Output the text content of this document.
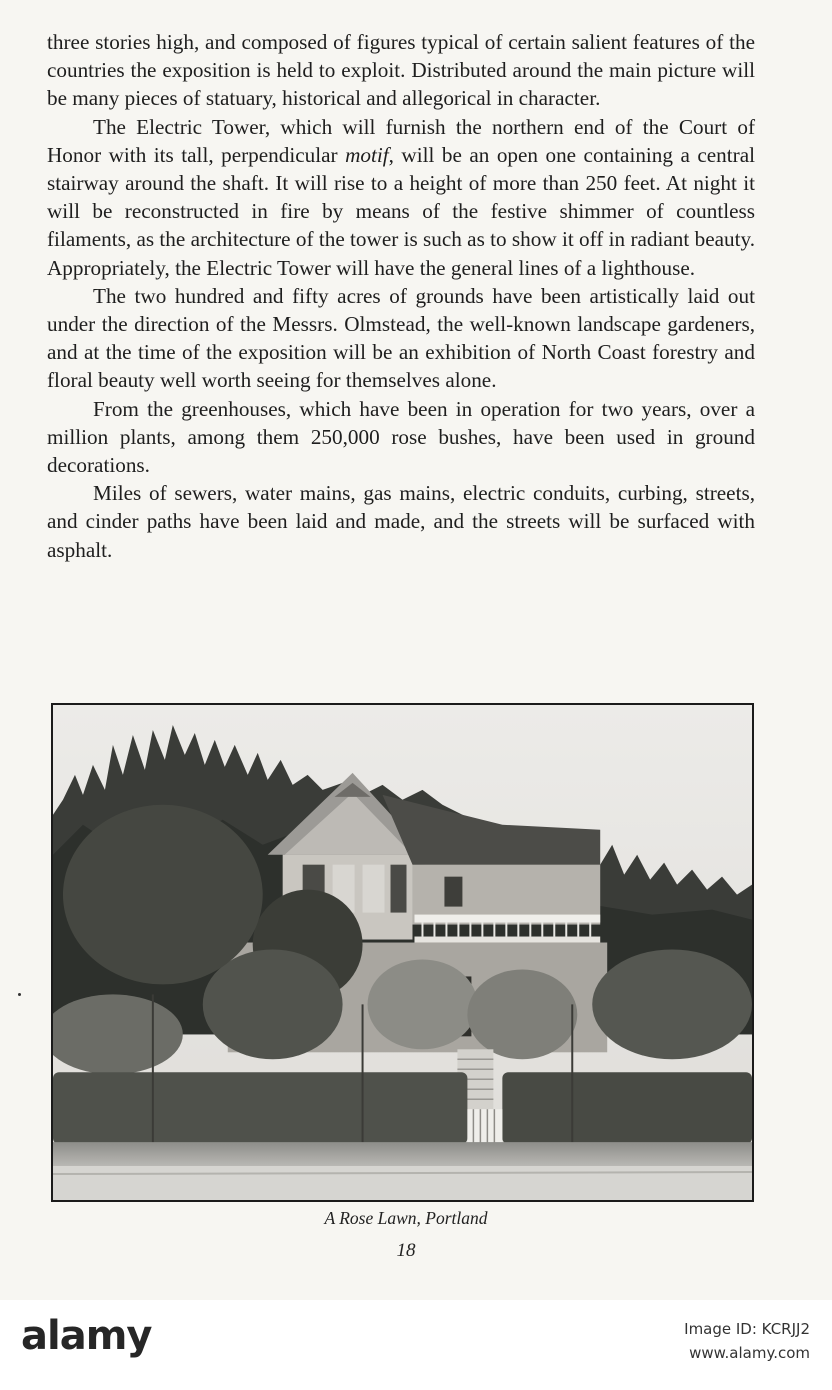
three stories high, and composed of figures typical of certain salient features of the countries the exposition is held to exploit. Distributed around the main picture will be many pieces of statuary, historical and allegorical in character.

The Electric Tower, which will furnish the northern end of the Court of Honor with its tall, perpendicular motif, will be an open one containing a central stairway around the shaft. It will rise to a height of more than 250 feet. At night it will be reconstructed in fire by means of the festive shimmer of countless filaments, as the architecture of the tower is such as to show it off in radiant beauty. Appropriately, the Electric Tower will have the general lines of a lighthouse.

The two hundred and fifty acres of grounds have been artistically laid out under the direction of the Messrs. Olmstead, the well-known landscape gardeners, and at the time of the exposition will be an exhibition of North Coast forestry and floral beauty well worth seeing for themselves alone.

From the greenhouses, which have been in operation for two years, over a million plants, among them 250,000 rose bushes, have been used in ground decorations.

Miles of sewers, water mains, gas mains, electric conduits, curbing, streets, and cinder paths have been laid and made, and the streets will be surfaced with asphalt.

A Rose Lawn, Portland
18
alamy	Image ID: KCRJJ2
www.alamy.com
